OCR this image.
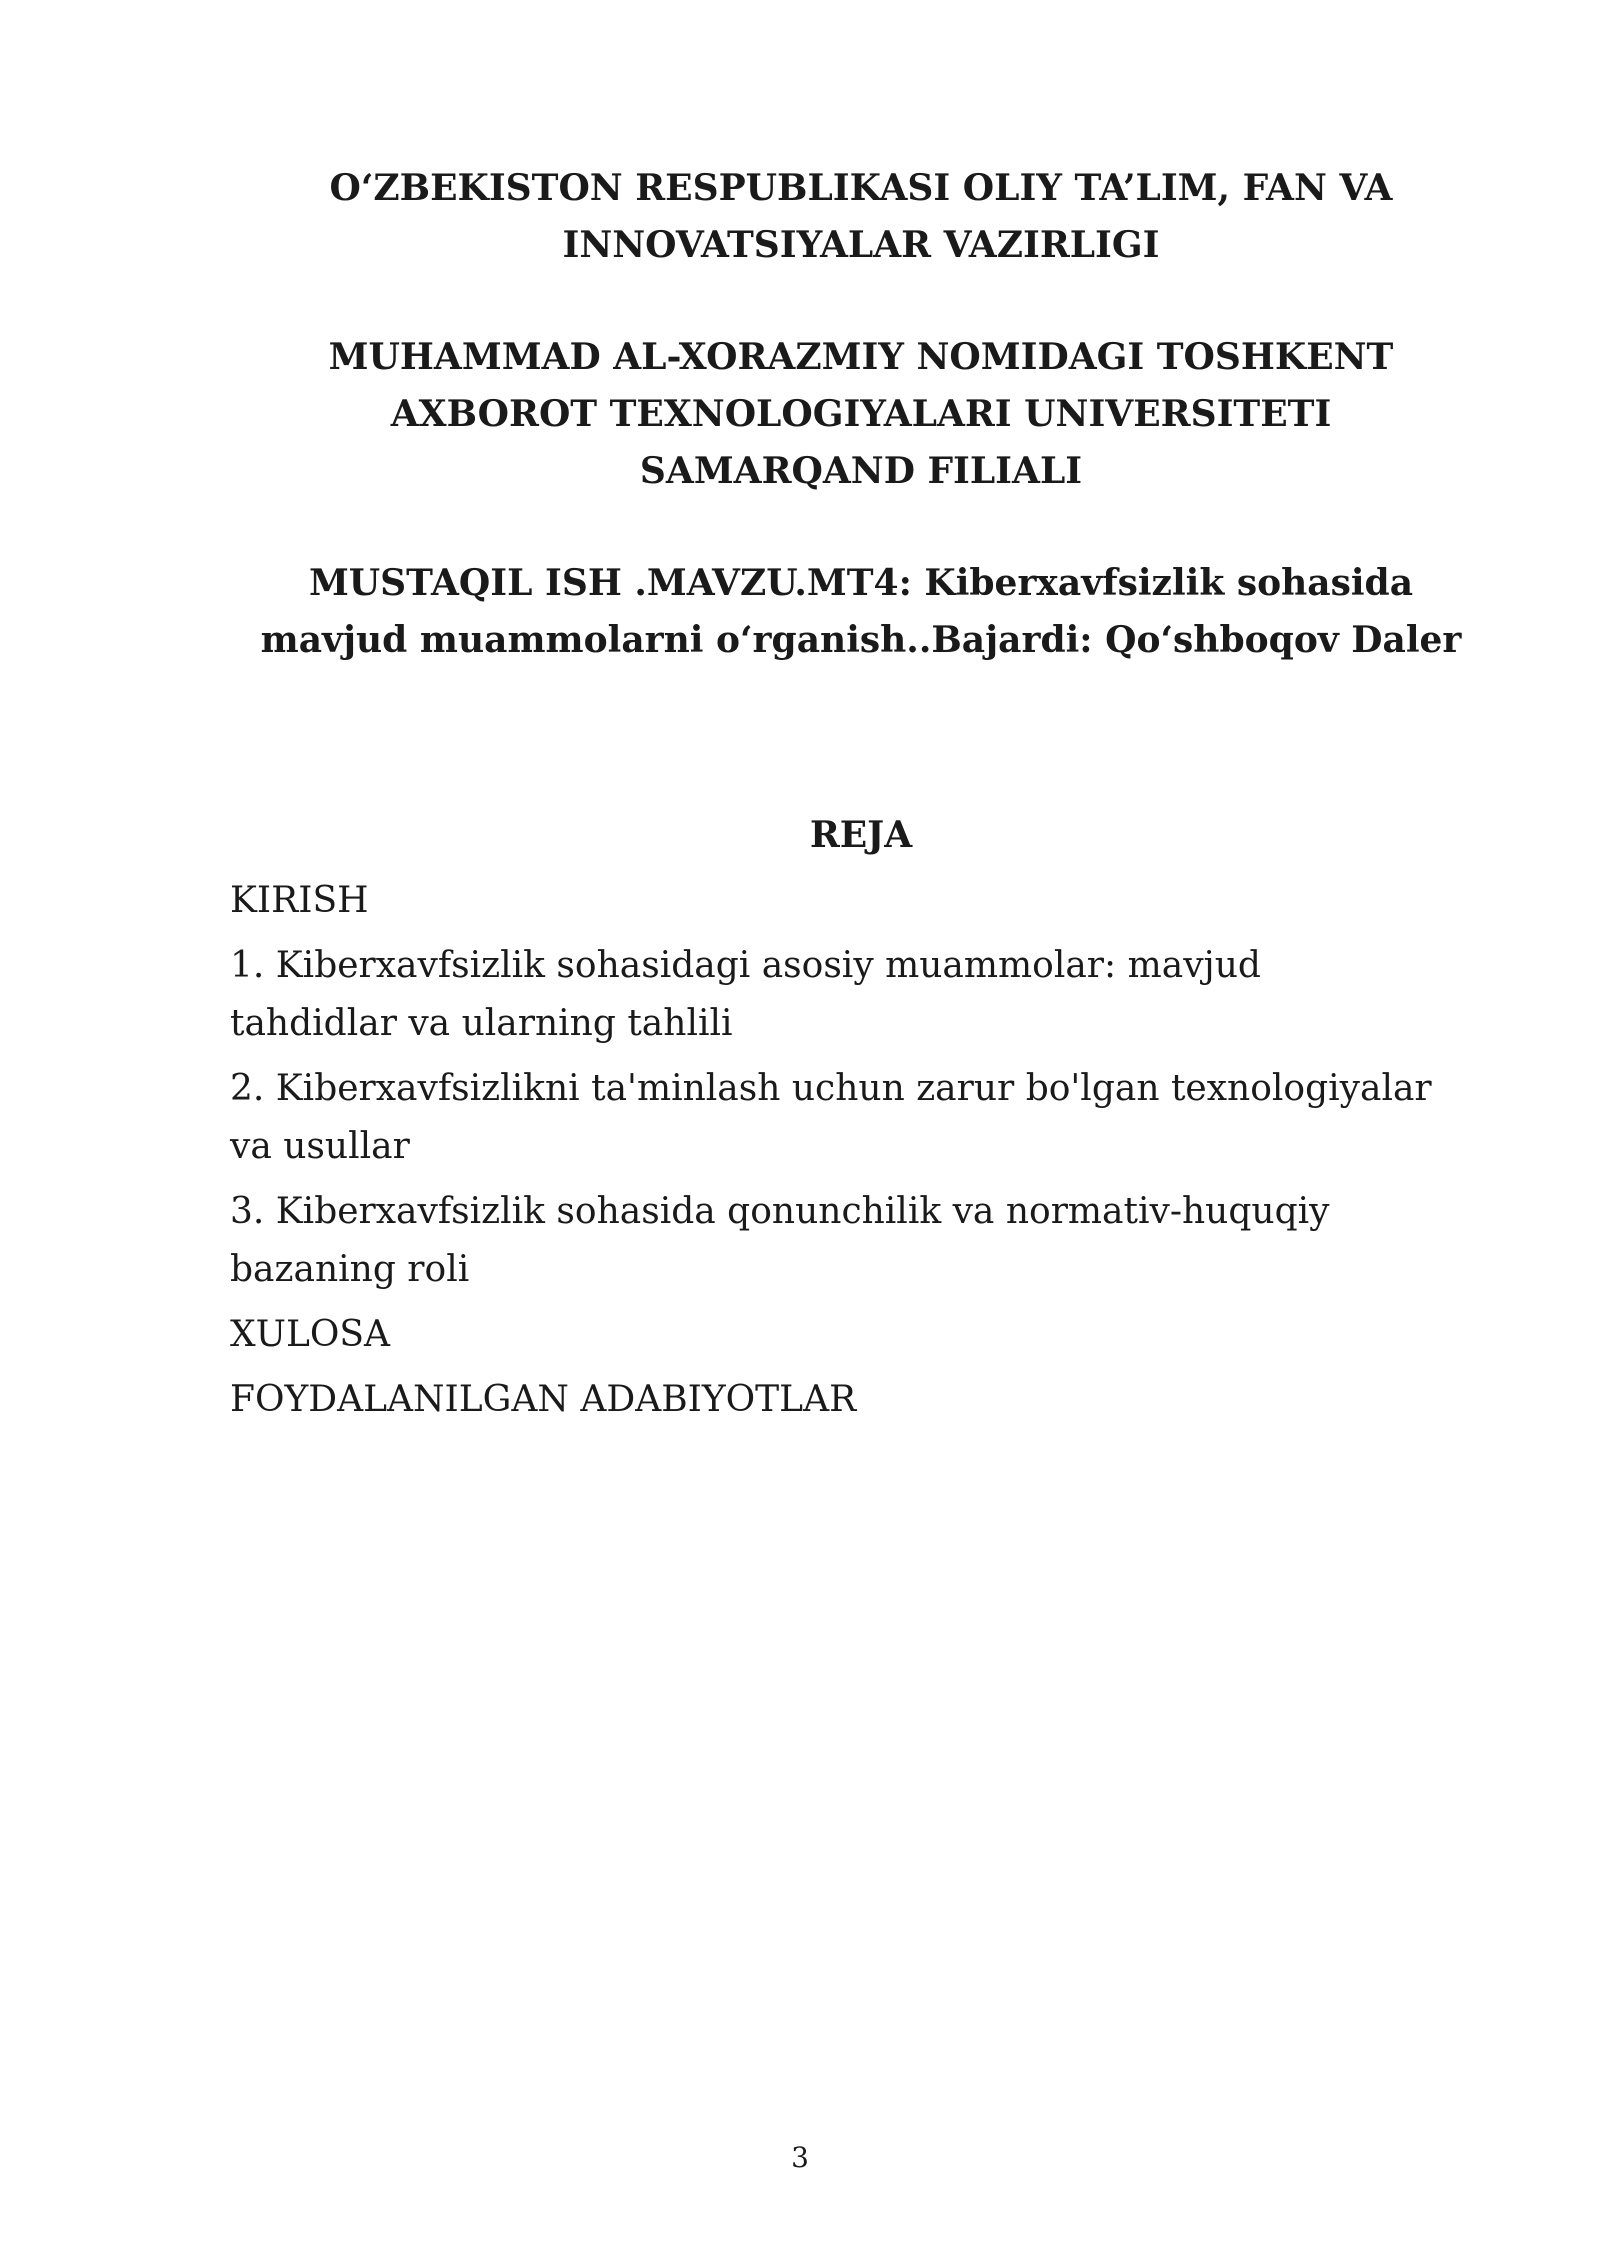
O‘ZBEKISTON RESPUBLIKASI OLIY TA’LIM, FAN VA
INNOVATSIYALAR VAZIRLIGI
MUHAMMAD AL-XORAZMIY NOMIDAGI TOSHKENT
AXBOROT TEXNOLOGIYALARI UNIVERSITETI
SAMARQAND FILIALI
MUSTAQIL ISH .MAVZU.MT4: Kiberxavfsizlik sohasida
mavjud muammolarni o‘rganish..Bajardi: Qo‘shboqov Daler
REJA
KIRISH
1. Kiberxavfsizlik sohasidagi asosiy muammolar: mavjud
tahdidlar va ularning tahlili
2. Kiberxavfsizlikni ta'minlash uchun zarur bo'lgan texnologiyalar
va usullar
3. Kiberxavfsizlik sohasida qonunchilik va normativ-huquqiy
bazaning roli
XULOSA
FOYDALANILGAN ADABIYOTLAR
3
